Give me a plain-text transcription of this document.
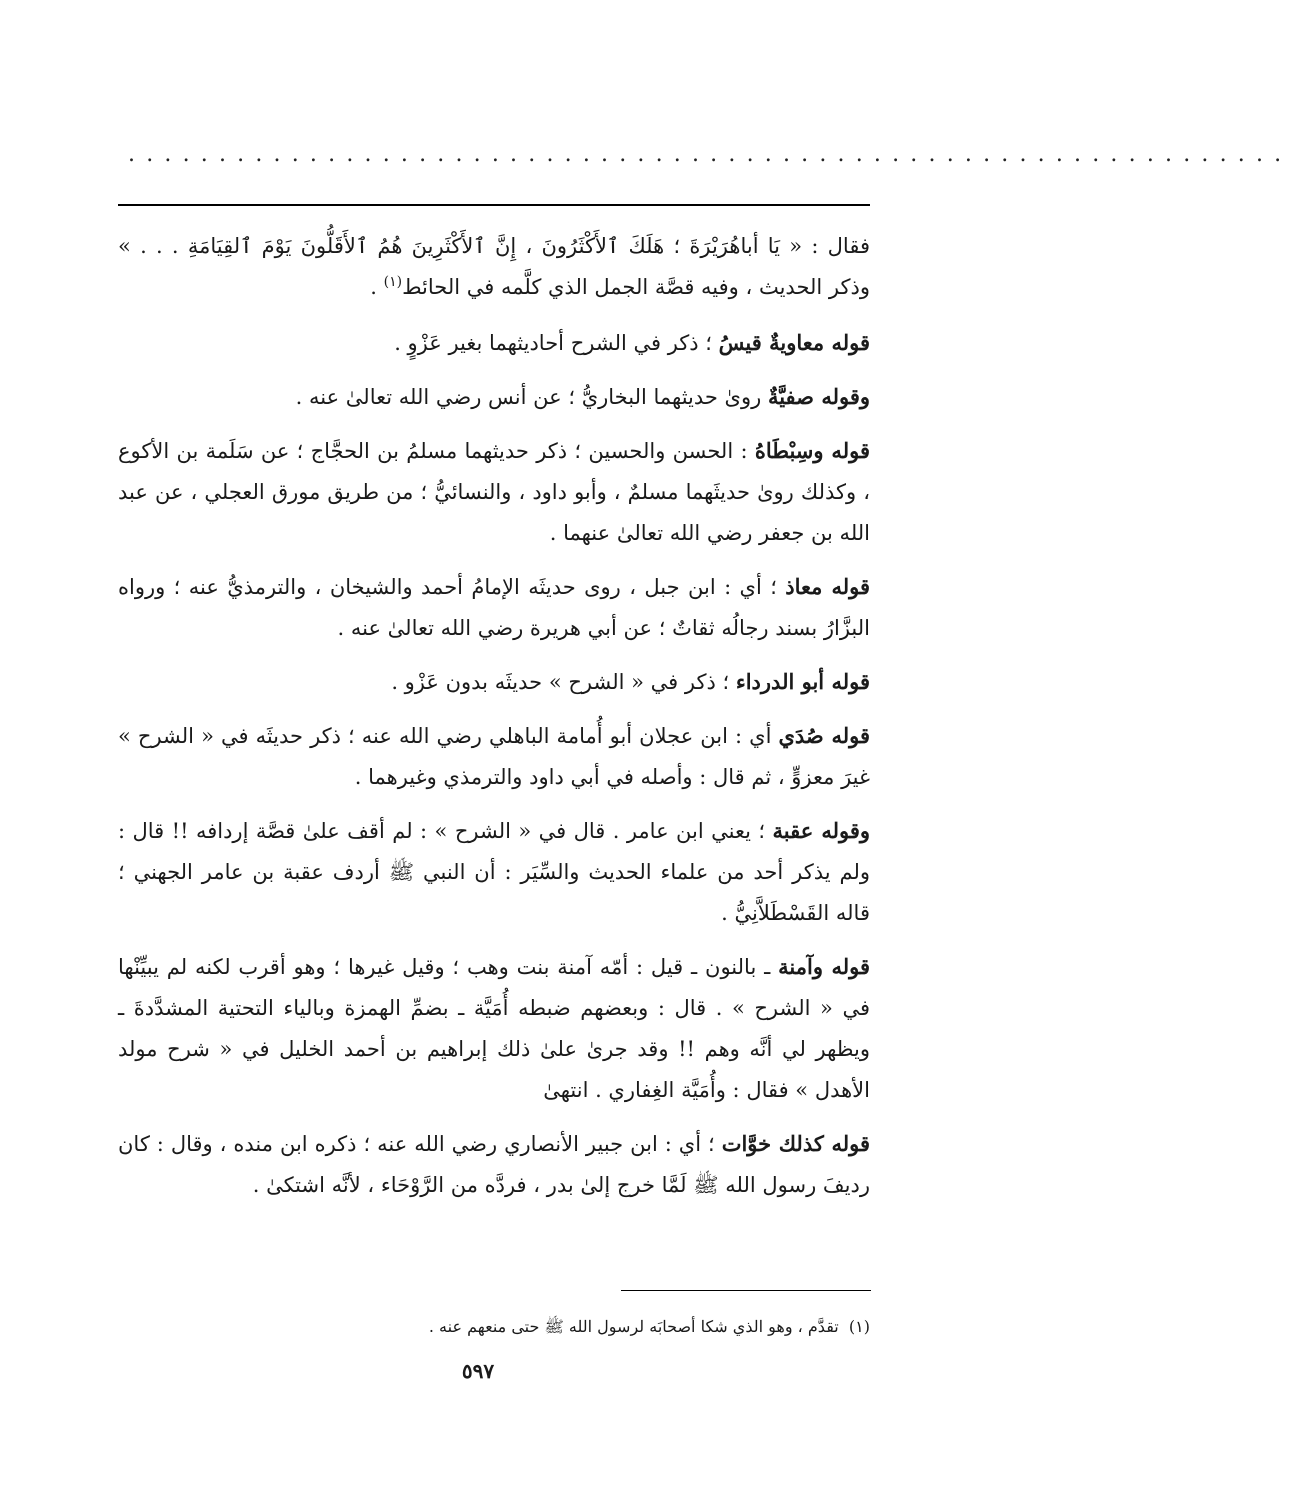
................................................................

فقال : « يَا أباهُرَيْرَةَ ؛ هَلَكَ ٱلأَكْثَرُونَ ، إِنَّ ٱلأَكْثَرِينَ هُمُ ٱلأَقَلُّونَ يَوْمَ ٱلقِيَامَةِ . . . » وذكر الحديث ، وفيه قصَّة الجمل الذي كلَّمه في الحائط$^{(١)}$ .

قوله معاويةٌ قيسُ ؛ ذكر في الشرح أحاديثهما بغير عَزْوٍ .

وقوله صفيَّةٌ روىٰ حديثهما البخاريُّ ؛ عن أنس رضي الله تعالىٰ عنه .

قوله وسِبْطَاهُ : الحسن والحسين ؛ ذكر حديثهما مسلمُ بن الحجَّاج ؛ عن سَلَمة بن الأكوع ، وكذلك روىٰ حديثَهما مسلمٌ ، وأبو داود ، والنسائيُّ ؛ من طريق مورق العجلي ، عن عبد الله بن جعفر رضي الله تعالىٰ عنهما .

قوله معاذ ؛ أي : ابن جبل ، روى حديثَه الإمامُ أحمد والشيخان ، والترمذيُّ عنه ؛ ورواه البزَّارُ بسند رجالُه ثقاتٌ ؛ عن أبي هريرة رضي الله تعالىٰ عنه .

قوله أبو الدرداء ؛ ذكر في « الشرح » حديثَه بدون عَزْو .

قوله صُدَي أي : ابن عجلان أبو أُمامة الباهلي رضي الله عنه ؛ ذكر حديثَه في « الشرح » غيرَ معزوٍّ ، ثم قال : وأصله في أبي داود والترمذي وغيرهما .

وقوله عقبة ؛ يعني ابن عامر . قال في « الشرح » : لم أقف علىٰ قصَّة إردافه !! قال : ولم يذكر أحد من علماء الحديث والسِّيَر : أن النبي ﷺ أردف عقبة بن عامر الجهني ؛ قاله القَسْطَلاَّنِيُّ .

قوله وآمنة ـ بالنون ـ قيل : أمّه آمنة بنت وهب ؛ وقيل غيرها ؛ وهو أقرب لكنه لم يبيِّنْها في « الشرح » . قال : وبعضهم ضبطه أُمَيَّة ـ بضمِّ الهمزة وبالياء التحتية المشدَّدةَ ـ ويظهر لي أنَّه وهم !! وقد جرىٰ علىٰ ذلك إبراهيم بن أحمد الخليل في « شرح مولد الأهدل » فقال : وأُمَيَّة الغِفاري . انتهىٰ

قوله كذلك خوَّات ؛ أي : ابن جبير الأنصاري رضي الله عنه ؛ ذكره ابن منده ، وقال : كان رديفَ رسول الله ﷺ لَمَّا خرج إلىٰ بدر ، فردَّه من الرَّوْحَاء ، لأنَّه اشتكىٰ .

(١)  تقدَّم ، وهو الذي شكا أصحابَه لرسول الله ﷺ حتى منعهم عنه .
٥٩٧
